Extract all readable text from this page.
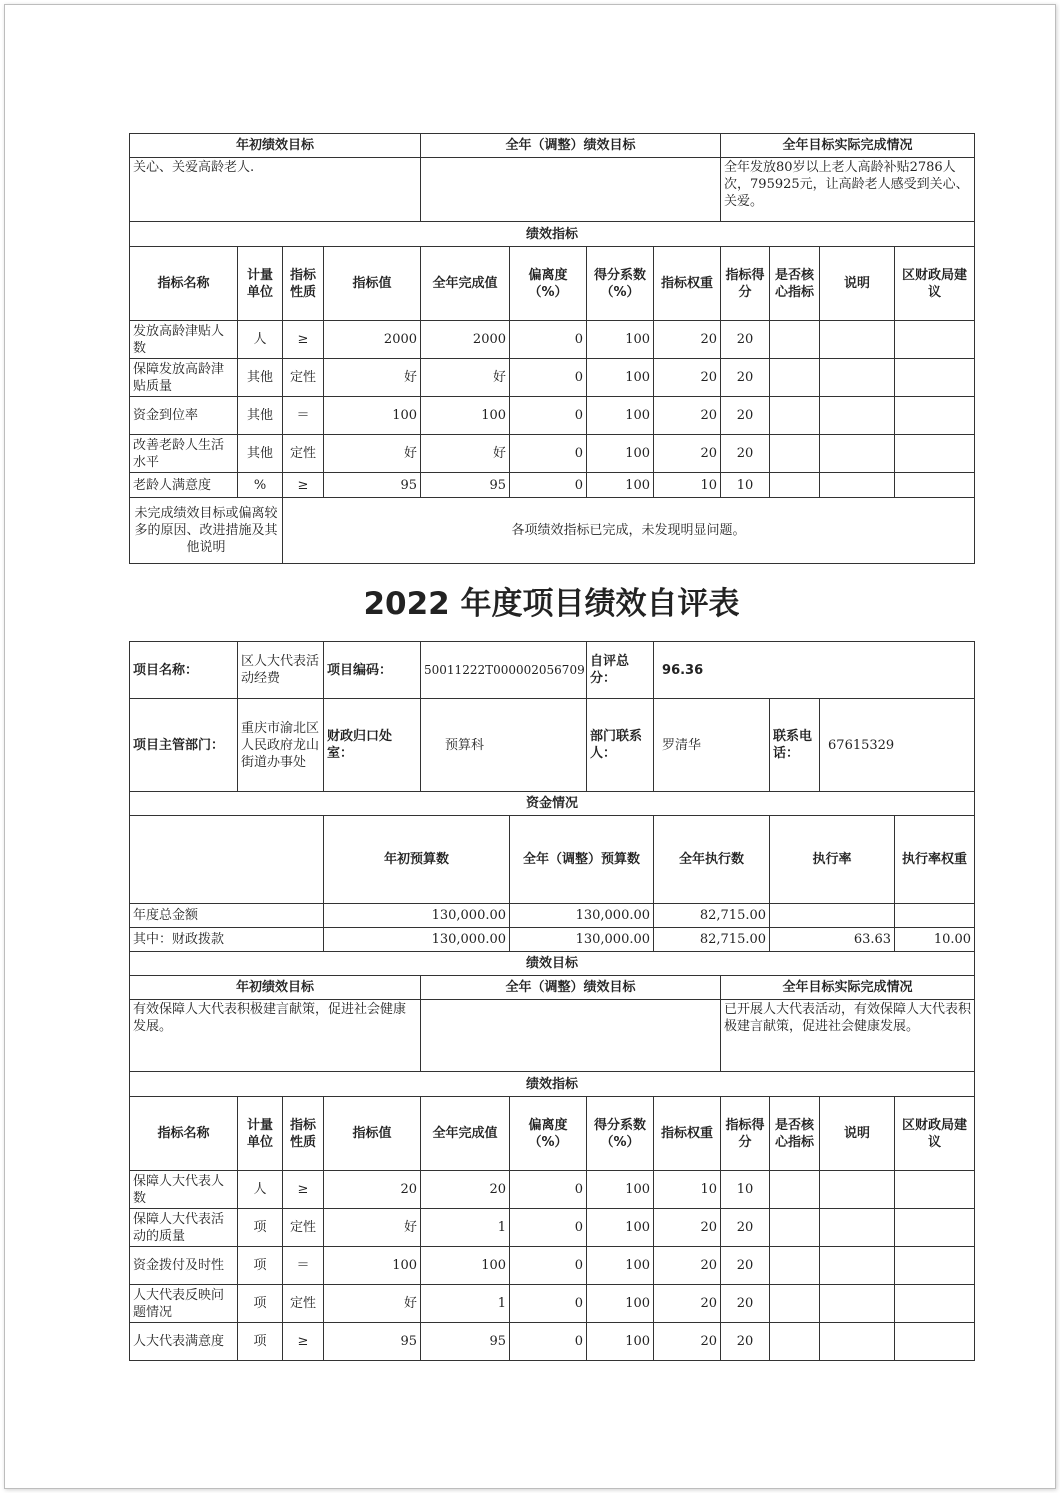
年初绩效目标				全年（调整）绩效目标				全年目标实际完成情况			
关心、关爱高龄老人.								全年发放80岁以上老人高龄补贴2786人次，795925元，让高龄老人感受到关心、关爱。			
绩效指标											
指标名称	计量单位	指标性质	指标值	全年完成值	偏离度（%）	得分系数（%）	指标权重	指标得分	是否核心指标	说明	区财政局建议
发放高龄津贴人数	人	≥	2000	2000	0	100	20	20			
保障发放高龄津贴质量	其他	定性	好	好	0	100	20	20			
资金到位率	其他	＝	100	100	0	100	20	20			
改善老龄人生活水平	其他	定性	好	好	0	100	20	20			
老龄人满意度	%	≥	95	95	0	100	10	10			
未完成绩效目标或偏离较多的原因、改进措施及其他说明		各项绩效指标已完成，未发现明显问题。									
2022 年度项目绩效自评表
项目名称：	区人大代表活动经费		项目编码：	50011222T000002056709		自评总分：	96.36					
项目主管部门：	重庆市渝北区人民政府龙山街道办事处		财政归口处室：	预算科		部门联系人：	罗清华		联系电话：	67615329		
资金情况												
			年初预算数		全年（调整）预算数		全年执行数		执行率		执行率权重	
年度总金额			130,000.00		130,000.00		82,715.00					
其中：财政拨款			130,000.00		130,000.00		82,715.00		63.63		10.00	
绩效目标												
年初绩效目标				全年（调整）绩效目标				全年目标实际完成情况				
有效保障人大代表积极建言献策，促进社会健康发展。								已开展人大代表活动，有效保障人大代表积极建言献策，促进社会健康发展。				
绩效指标												
指标名称	计量单位	指标性质	指标值	全年完成值	偏离度（%）	得分系数（%）	指标权重	指标得分	是否核心指标	说明	区财政局建议	
保障人大代表人数	人	≥	20	20	0	100	10	10				
保障人大代表活动的质量	项	定性	好	1	0	100	20	20				
资金拨付及时性	项	＝	100	100	0	100	20	20				
人大代表反映问题情况	项	定性	好	1	0	100	20	20				
人大代表满意度	项	≥	95	95	0	100	20	20				
